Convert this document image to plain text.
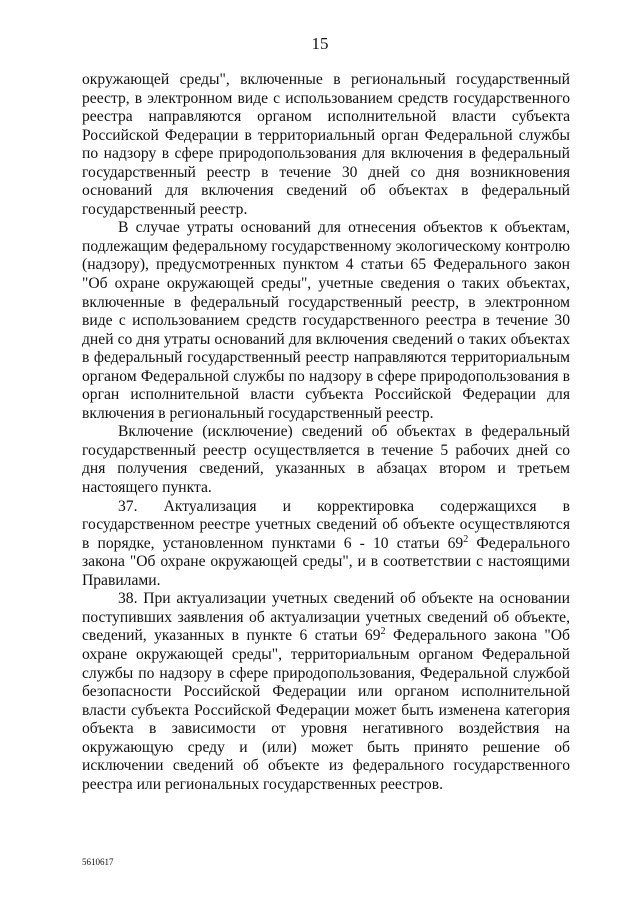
15

окружающей среды", включенные в региональный государственный реестр, в электронном виде с использованием средств государственного реестра направляются органом исполнительной власти субъекта Российской Федерации в территориальный орган Федеральной службы по надзору в сфере природопользования для включения в федеральный государственный реестр в течение 30 дней со дня возникновения оснований для включения сведений об объектах в федеральный государственный реестр.

В случае утраты оснований для отнесения объектов к объектам, подлежащим федеральному государственному экологическому контролю (надзору), предусмотренных пунктом 4 статьи 65 Федерального закон "Об охране окружающей среды", учетные сведения о таких объектах, включенные в федеральный государственный реестр, в электронном виде с использованием средств государственного реестра в течение 30 дней со дня утраты оснований для включения сведений о таких объектах в федеральный государственный реестр направляются территориальным органом Федеральной службы по надзору в сфере природопользования в орган исполнительной власти субъекта Российской Федерации для включения в региональный государственный реестр.

Включение (исключение) сведений об объектах в федеральный государственный реестр осуществляется в течение 5 рабочих дней со дня получения сведений, указанных в абзацах втором и третьем настоящего пункта.

37. Актуализация и корректировка содержащихся в государственном реестре учетных сведений об объекте осуществляются в порядке, установленном пунктами 6 - 10 статьи $69^2$ Федерального закона "Об охране окружающей среды", и в соответствии с настоящими Правилами.

38. При актуализации учетных сведений об объекте на основании поступивших заявления об актуализации учетных сведений об объекте, сведений, указанных в пункте 6 статьи $69^2$ Федерального закона "Об охране окружающей среды", территориальным органом Федеральной службы по надзору в сфере природопользования, Федеральной службой безопасности Российской Федерации или органом исполнительной власти субъекта Российской Федерации может быть изменена категория объекта в зависимости от уровня негативного воздействия на окружающую среду и (или) может быть принято решение об исключении сведений об объекте из федерального государственного реестра или региональных государственных реестров.

5610617
